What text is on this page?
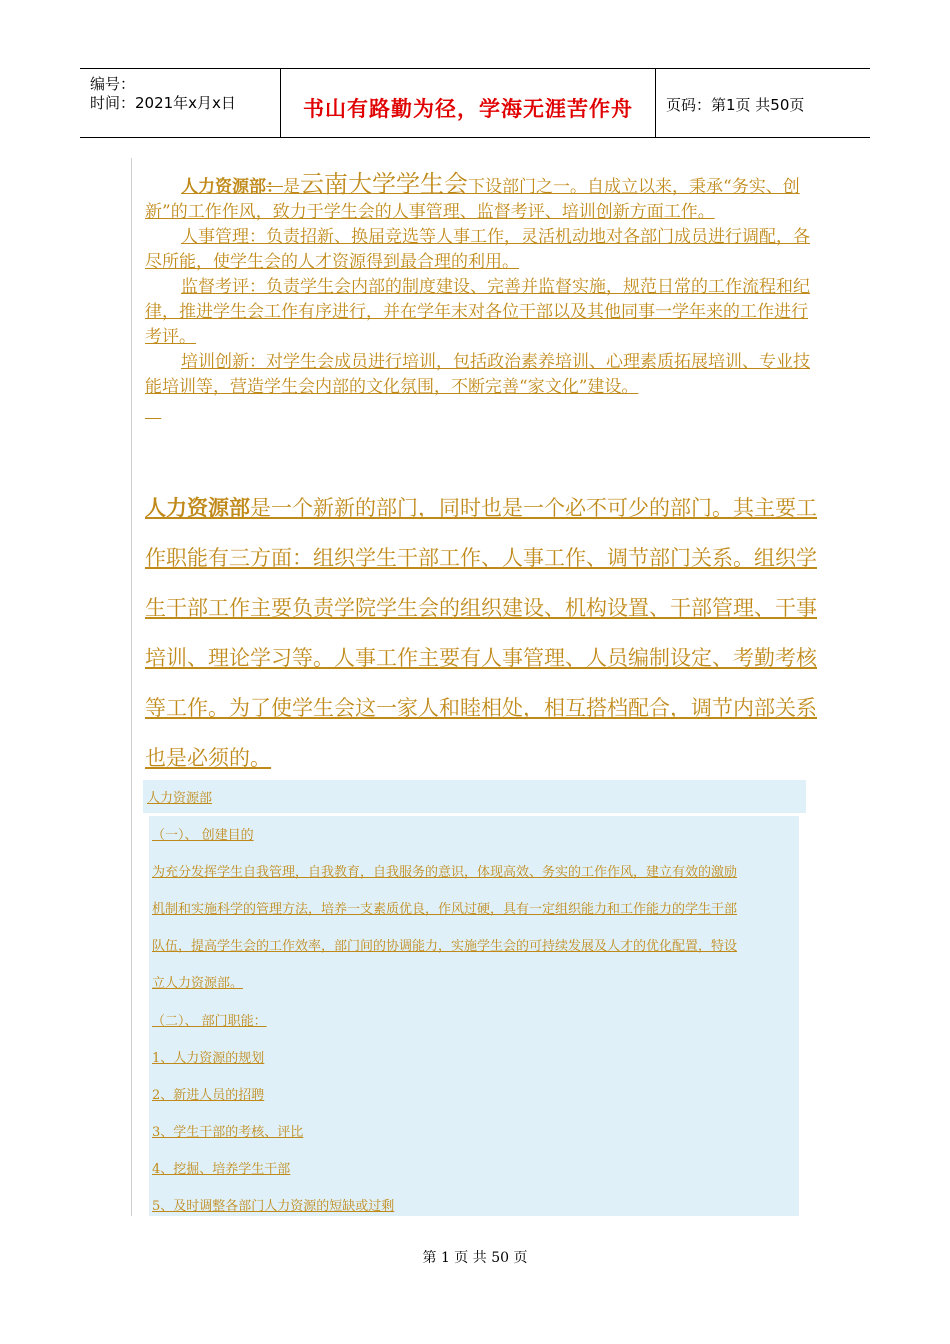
编号：
时间：2021年x月x日	书山有路勤为径，学海无涯苦作舟	页码：第1页 共50页

人力资源部：是云南大学学生会下设部门之一。自成立以来，秉承“务实、创新”的工作作风，致力于学生会的人事管理、监督考评、培训创新方面工作。

人事管理：负责招新、换届竞选等人事工作，灵活机动地对各部门成员进行调配，各尽所能，使学生会的人才资源得到最合理的利用。

监督考评：负责学生会内部的制度建设、完善并监督实施，规范日常的工作流程和纪律，推进学生会工作有序进行，并在学年末对各位干部以及其他同事一学年来的工作进行考评。

培训创新：对学生会成员进行培训，包括政治素养培训、心理素质拓展培训、专业技能培训等，营造学生会内部的文化氛围，不断完善“家文化”建设。

人力资源部是一个新新的部门，同时也是一个必不可少的部门。其主要工作职能有三方面：组织学生干部工作、人事工作、调节部门关系。组织学生干部工作主要负责学院学生会的组织建设、机构设置、干部管理、干事培训、理论学习等。人事工作主要有人事管理、人员编制设定、考勤考核等工作。为了使学生会这一家人和睦相处，相互搭档配合，调节内部关系也是必须的。

人力资源部
（一）、 创建目的
为充分发挥学生自我管理，自我教育，自我服务的意识，体现高效、务实的工作作风，建立有效的激励
机制和实施科学的管理方法，培养一支素质优良，作风过硬，具有一定组织能力和工作能力的学生干部
队伍，提高学生会的工作效率，部门间的协调能力，实施学生会的可持续发展及人才的优化配置，特设
立人力资源部。
（二）、 部门职能：
1、人力资源的规划
2、新进人员的招聘
3、学生干部的考核、评比
4、挖掘、培养学生干部
5、及时调整各部门人力资源的短缺或过剩
第 1 页 共 50 页
